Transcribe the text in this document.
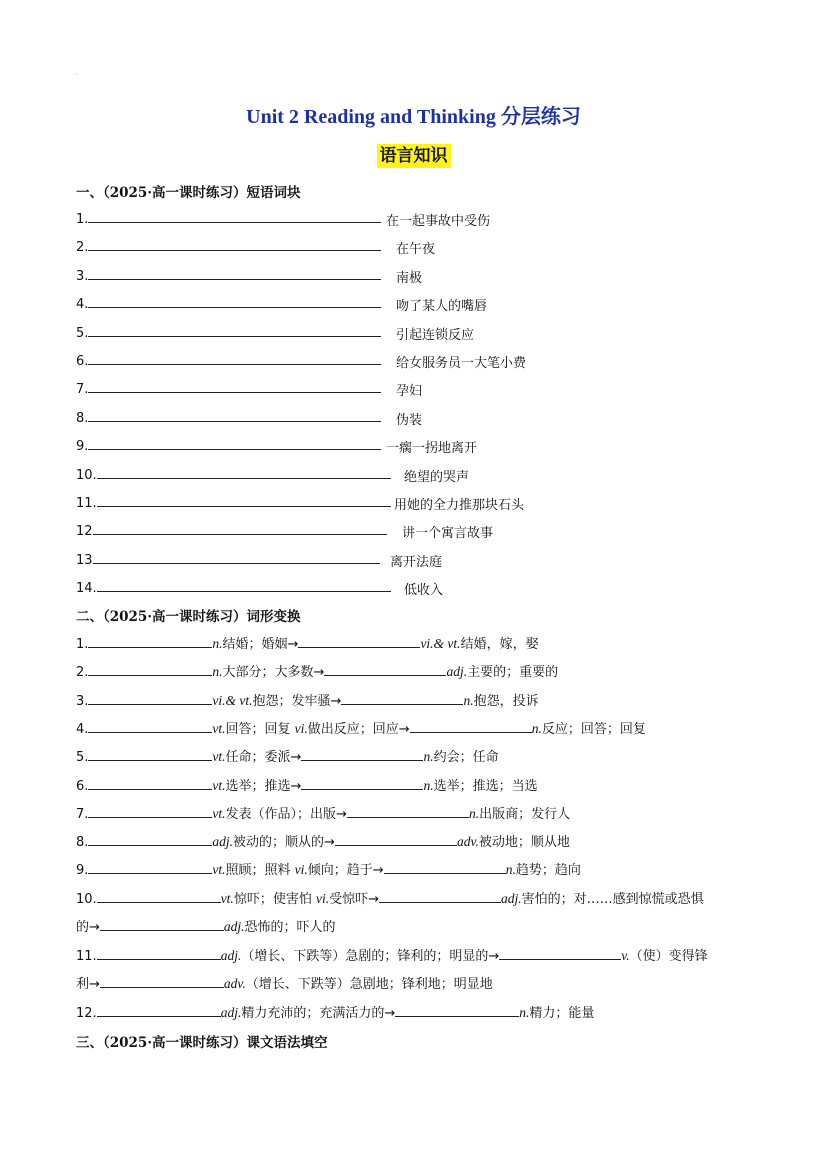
·
Unit 2 Reading and Thinking 分层练习
语言知识
一、（2025·高一课时练习）短语词块
1.	在一起事故中受伤
2.	在午夜
3.	南极
4.	吻了某人的嘴唇
5.	引起连锁反应
6.	给女服务员一大笔小费
7.	孕妇
8.	伪装
9.	一瘸一拐地离开
10.	绝望的哭声
11.	用她的全力推那块石头
12	讲一个寓言故事
13	离开法庭
14.	低收入
二、（2025·高一课时练习）词形变换
1.	n.结婚；婚姻→	vi.& vt.结婚，嫁，娶
2.	n.大部分；大多数→	adj.主要的；重要的
3.	vi.& vt.抱怨；发牢骚→	n.抱怨，投诉
4.	vt.回答；回复 vi.做出反应；回应→	n.反应；回答；回复
5.	vt.任命；委派→	n.约会；任命
6.	vt.选举；推选→	n.选举；推选；当选
7.	vt.发表（作品）；出版→	n.出版商；发行人
8.	adj.被动的；顺从的→	adv.被动地；顺从地
9.	vt.照顾；照料 vi.倾向；趋于→	n.趋势；趋向
10.	vt.惊吓；使害怕 vi.受惊吓→	adj.害怕的；对……感到惊慌或恐惧
的→	adj.恐怖的；吓人的
11.	adj.（增长、下跌等）急剧的；锋利的；明显的→	v.（使）变得锋
利→	adv.（增长、下跌等）急剧地；锋利地；明显地
12.	adj.精力充沛的；充满活力的→	n.精力；能量
三、（2025·高一课时练习）课文语法填空
